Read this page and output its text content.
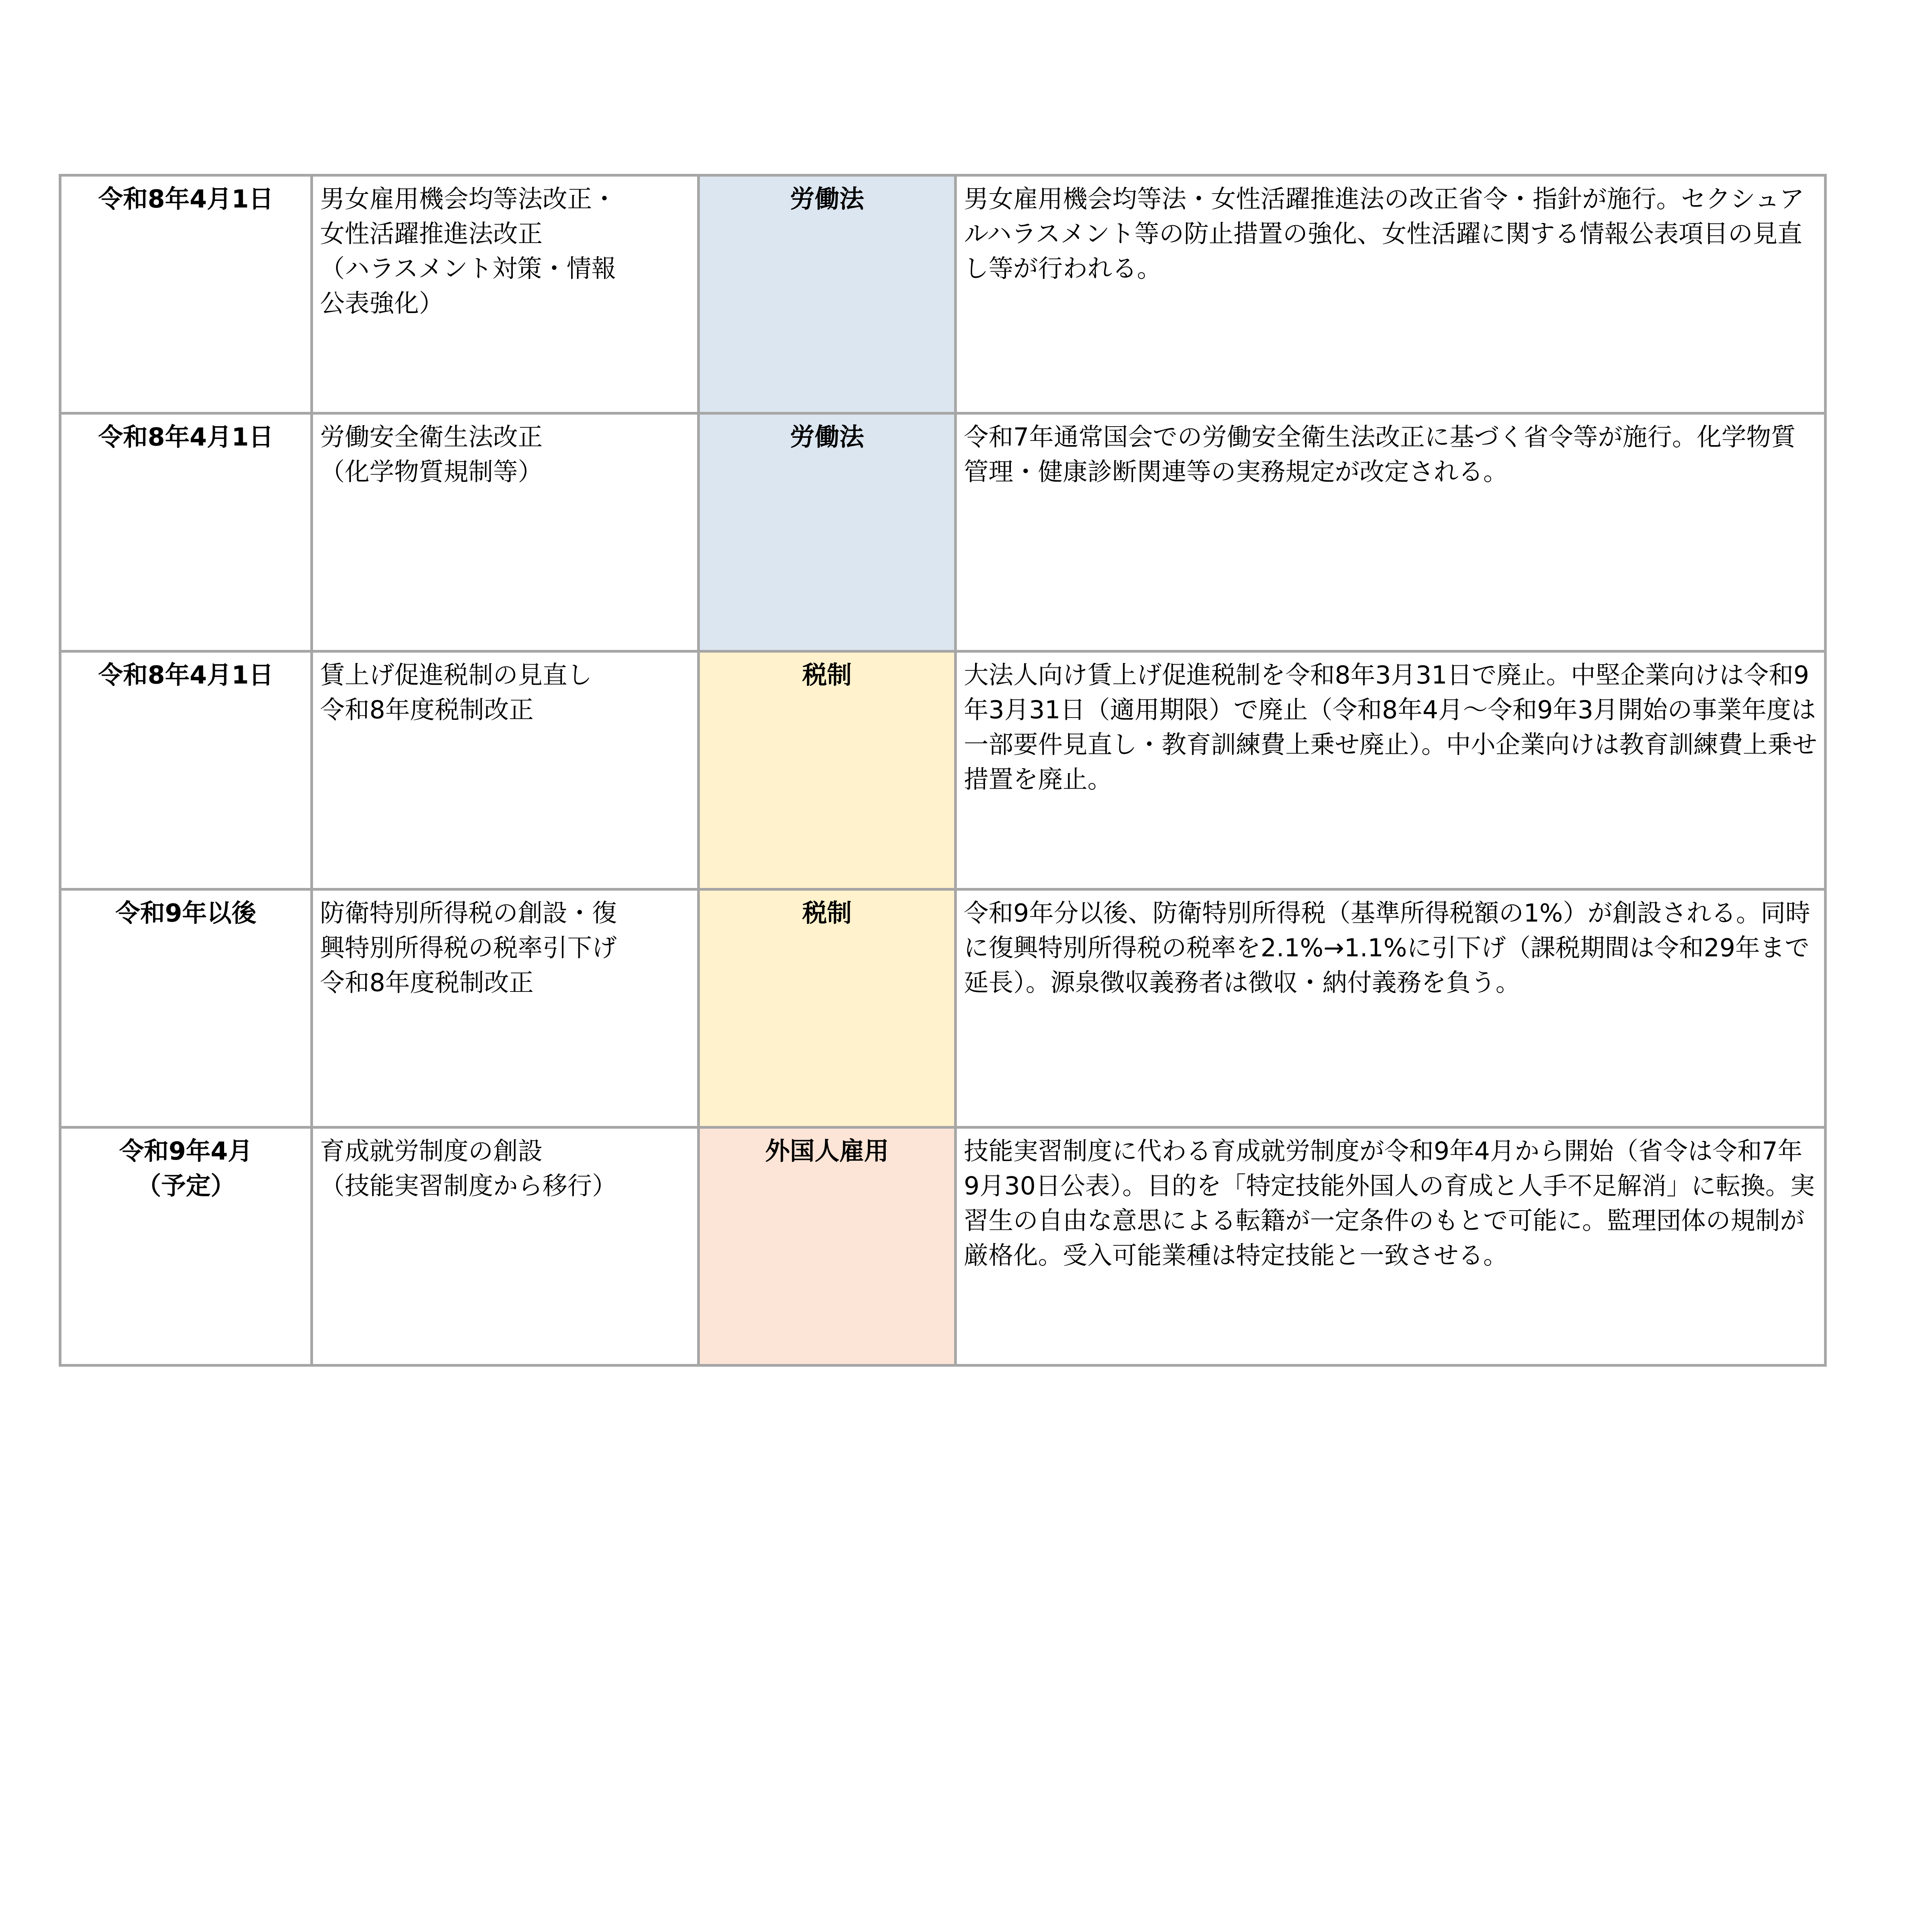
令和8年4月1日	男女雇用機会均等法改正・
女性活躍推進法改正
（ハラスメント対策・情報
公表強化）	労働法	男女雇用機会均等法・女性活躍推進法の改正省令・指針が施行。セクシュアルハラスメント等の防止措置の強化、女性活躍に関する情報公表項目の見直し等が行われる。

令和8年4月1日	労働安全衛生法改正
（化学物質規制等）	労働法	令和7年通常国会での労働安全衛生法改正に基づく省令等が施行。化学物質管理・健康診断関連等の実務規定が改定される。

令和8年4月1日	賃上げ促進税制の見直し
令和8年度税制改正	税制	大法人向け賃上げ促進税制を令和8年3月31日で廃止。中堅企業向けは令和9年3月31日（適用期限）で廃止（令和8年4月～令和9年3月開始の事業年度は一部要件見直し・教育訓練費上乗せ廃止）。中小企業向けは教育訓練費上乗せ措置を廃止。

令和9年以後	防衛特別所得税の創設・復
興特別所得税の税率引下げ
令和8年度税制改正	税制	令和9年分以後、防衛特別所得税（基準所得税額の1%）が創設される。同時に復興特別所得税の税率を2.1%→1.1%に引下げ（課税期間は令和29年まで延長）。源泉徴収義務者は徴収・納付義務を負う。

令和9年4月
（予定）	育成就労制度の創設
（技能実習制度から移行）	外国人雇用	技能実習制度に代わる育成就労制度が令和9年4月から開始（省令は令和7年9月30日公表）。目的を「特定技能外国人の育成と人手不足解消」に転換。実習生の自由な意思による転籍が一定条件のもとで可能に。監理団体の規制が厳格化。受入可能業種は特定技能と一致させる。
